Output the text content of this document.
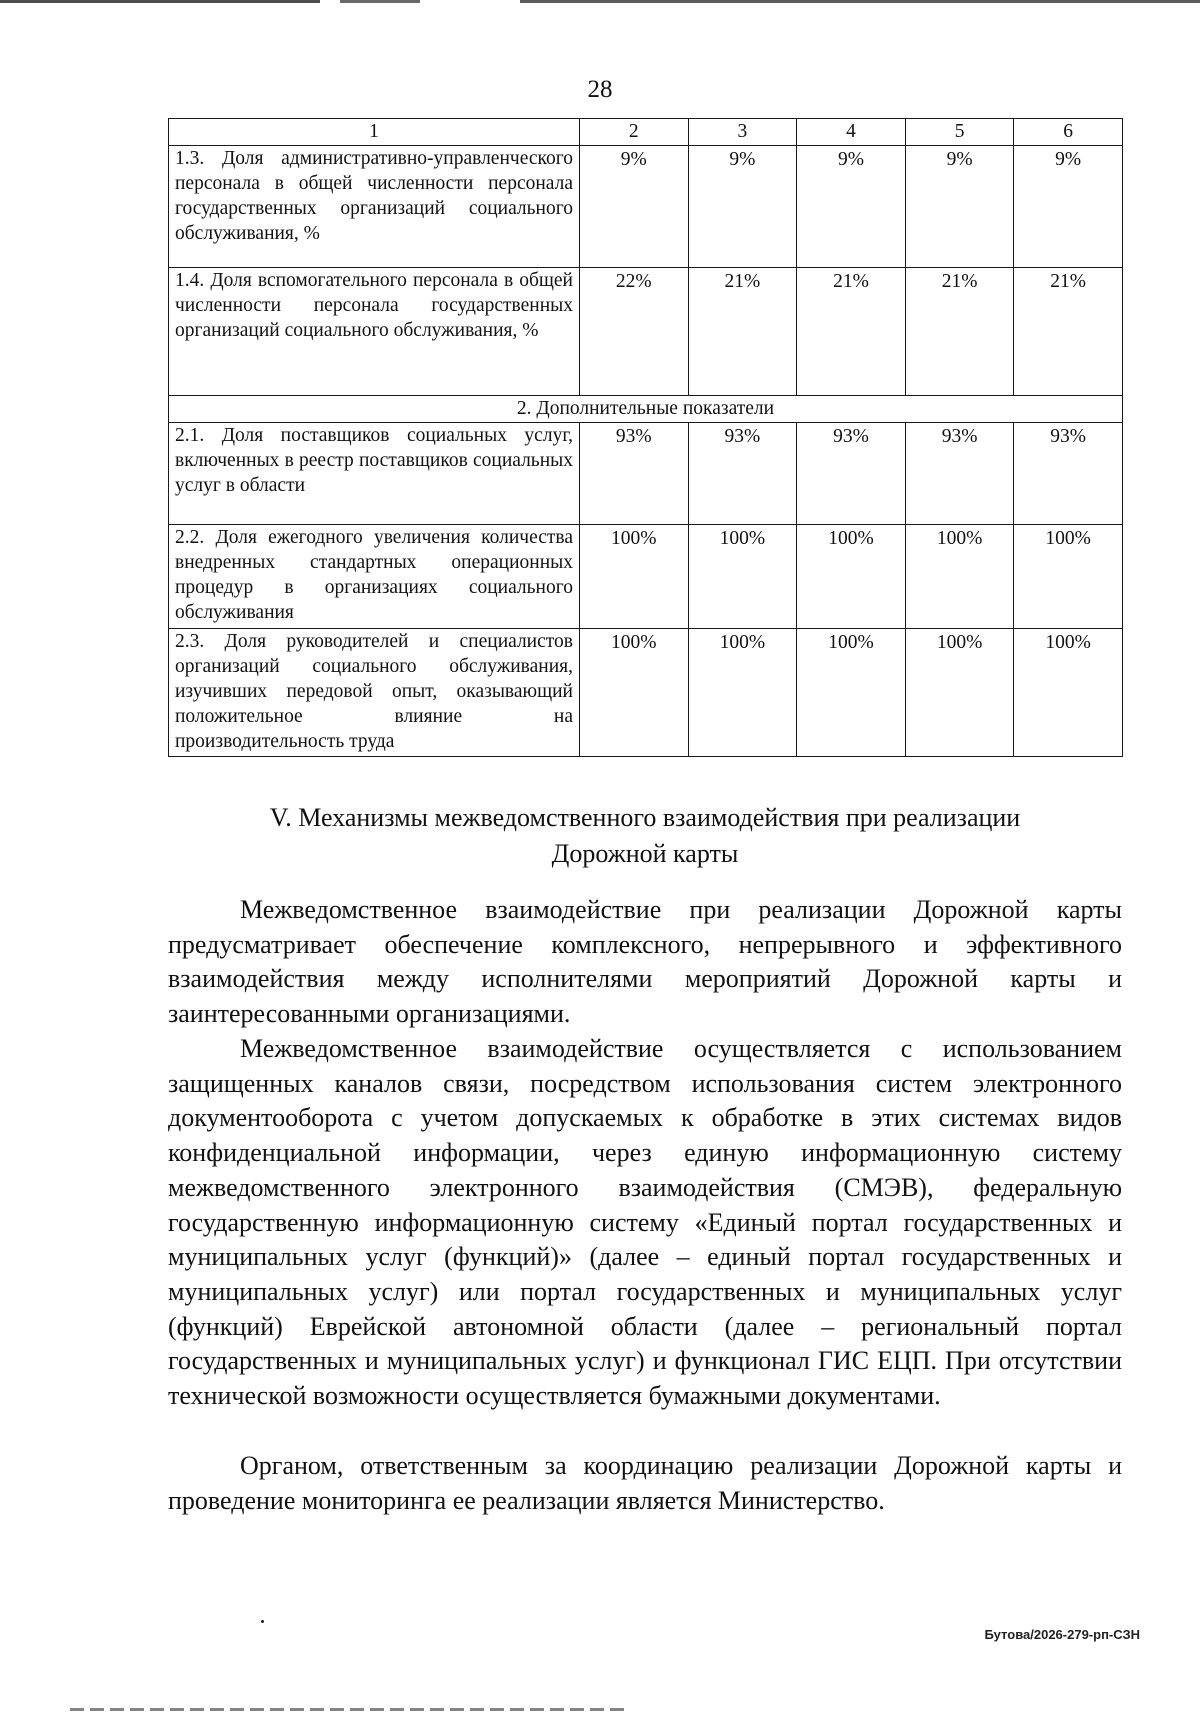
28
1	2	3	4	5	6
1.3. Доля административно-управленческого персонала в общей численности персонала государственных организаций социального обслуживания, %	9%	9%	9%	9%	9%
1.4. Доля вспомогательного персонала в общей численности персонала государственных организаций социального обслуживания, %	22%	21%	21%	21%	21%
2. Дополнительные показатели					
2.1. Доля поставщиков социальных услуг, включенных в реестр поставщиков социальных услуг в области	93%	93%	93%	93%	93%
2.2. Доля ежегодного увеличения количества внедренных стандартных операционных процедур в организациях социального обслуживания	100%	100%	100%	100%	100%
2.3. Доля руководителей и специалистов организаций социального обслуживания, изучивших передовой опыт, оказывающий положительное влияние на производительность труда	100%	100%	100%	100%	100%
V. Механизмы межведомственного взаимодействия при реализации
Дорожной карты

Межведомственное взаимодействие при реализации Дорожной карты предусматривает обеспечение комплексного, непрерывного и эффективного взаимодействия между исполнителями мероприятий Дорожной карты и заинтересованными организациями.

Межведомственное взаимодействие осуществляется с использованием защищенных каналов связи, посредством использования систем электронного документооборота с учетом допускаемых к обработке в этих системах видов конфиденциальной информации, через единую информационную систему межведомственного электронного взаимодействия (СМЭВ), федеральную государственную информационную систему «Единый портал государственных и муниципальных услуг (функций)» (далее – единый портал государственных и муниципальных услуг) или портал государственных и муниципальных услуг (функций) Еврейской автономной области (далее – региональный портал государственных и муниципальных услуг) и функционал ГИС ЕЦП. При отсутствии технической возможности осуществляется бумажными документами.

Органом, ответственным за координацию реализации Дорожной карты и проведение мониторинга ее реализации является Министерство.

Бутова/2026-279-рп-СЗН
